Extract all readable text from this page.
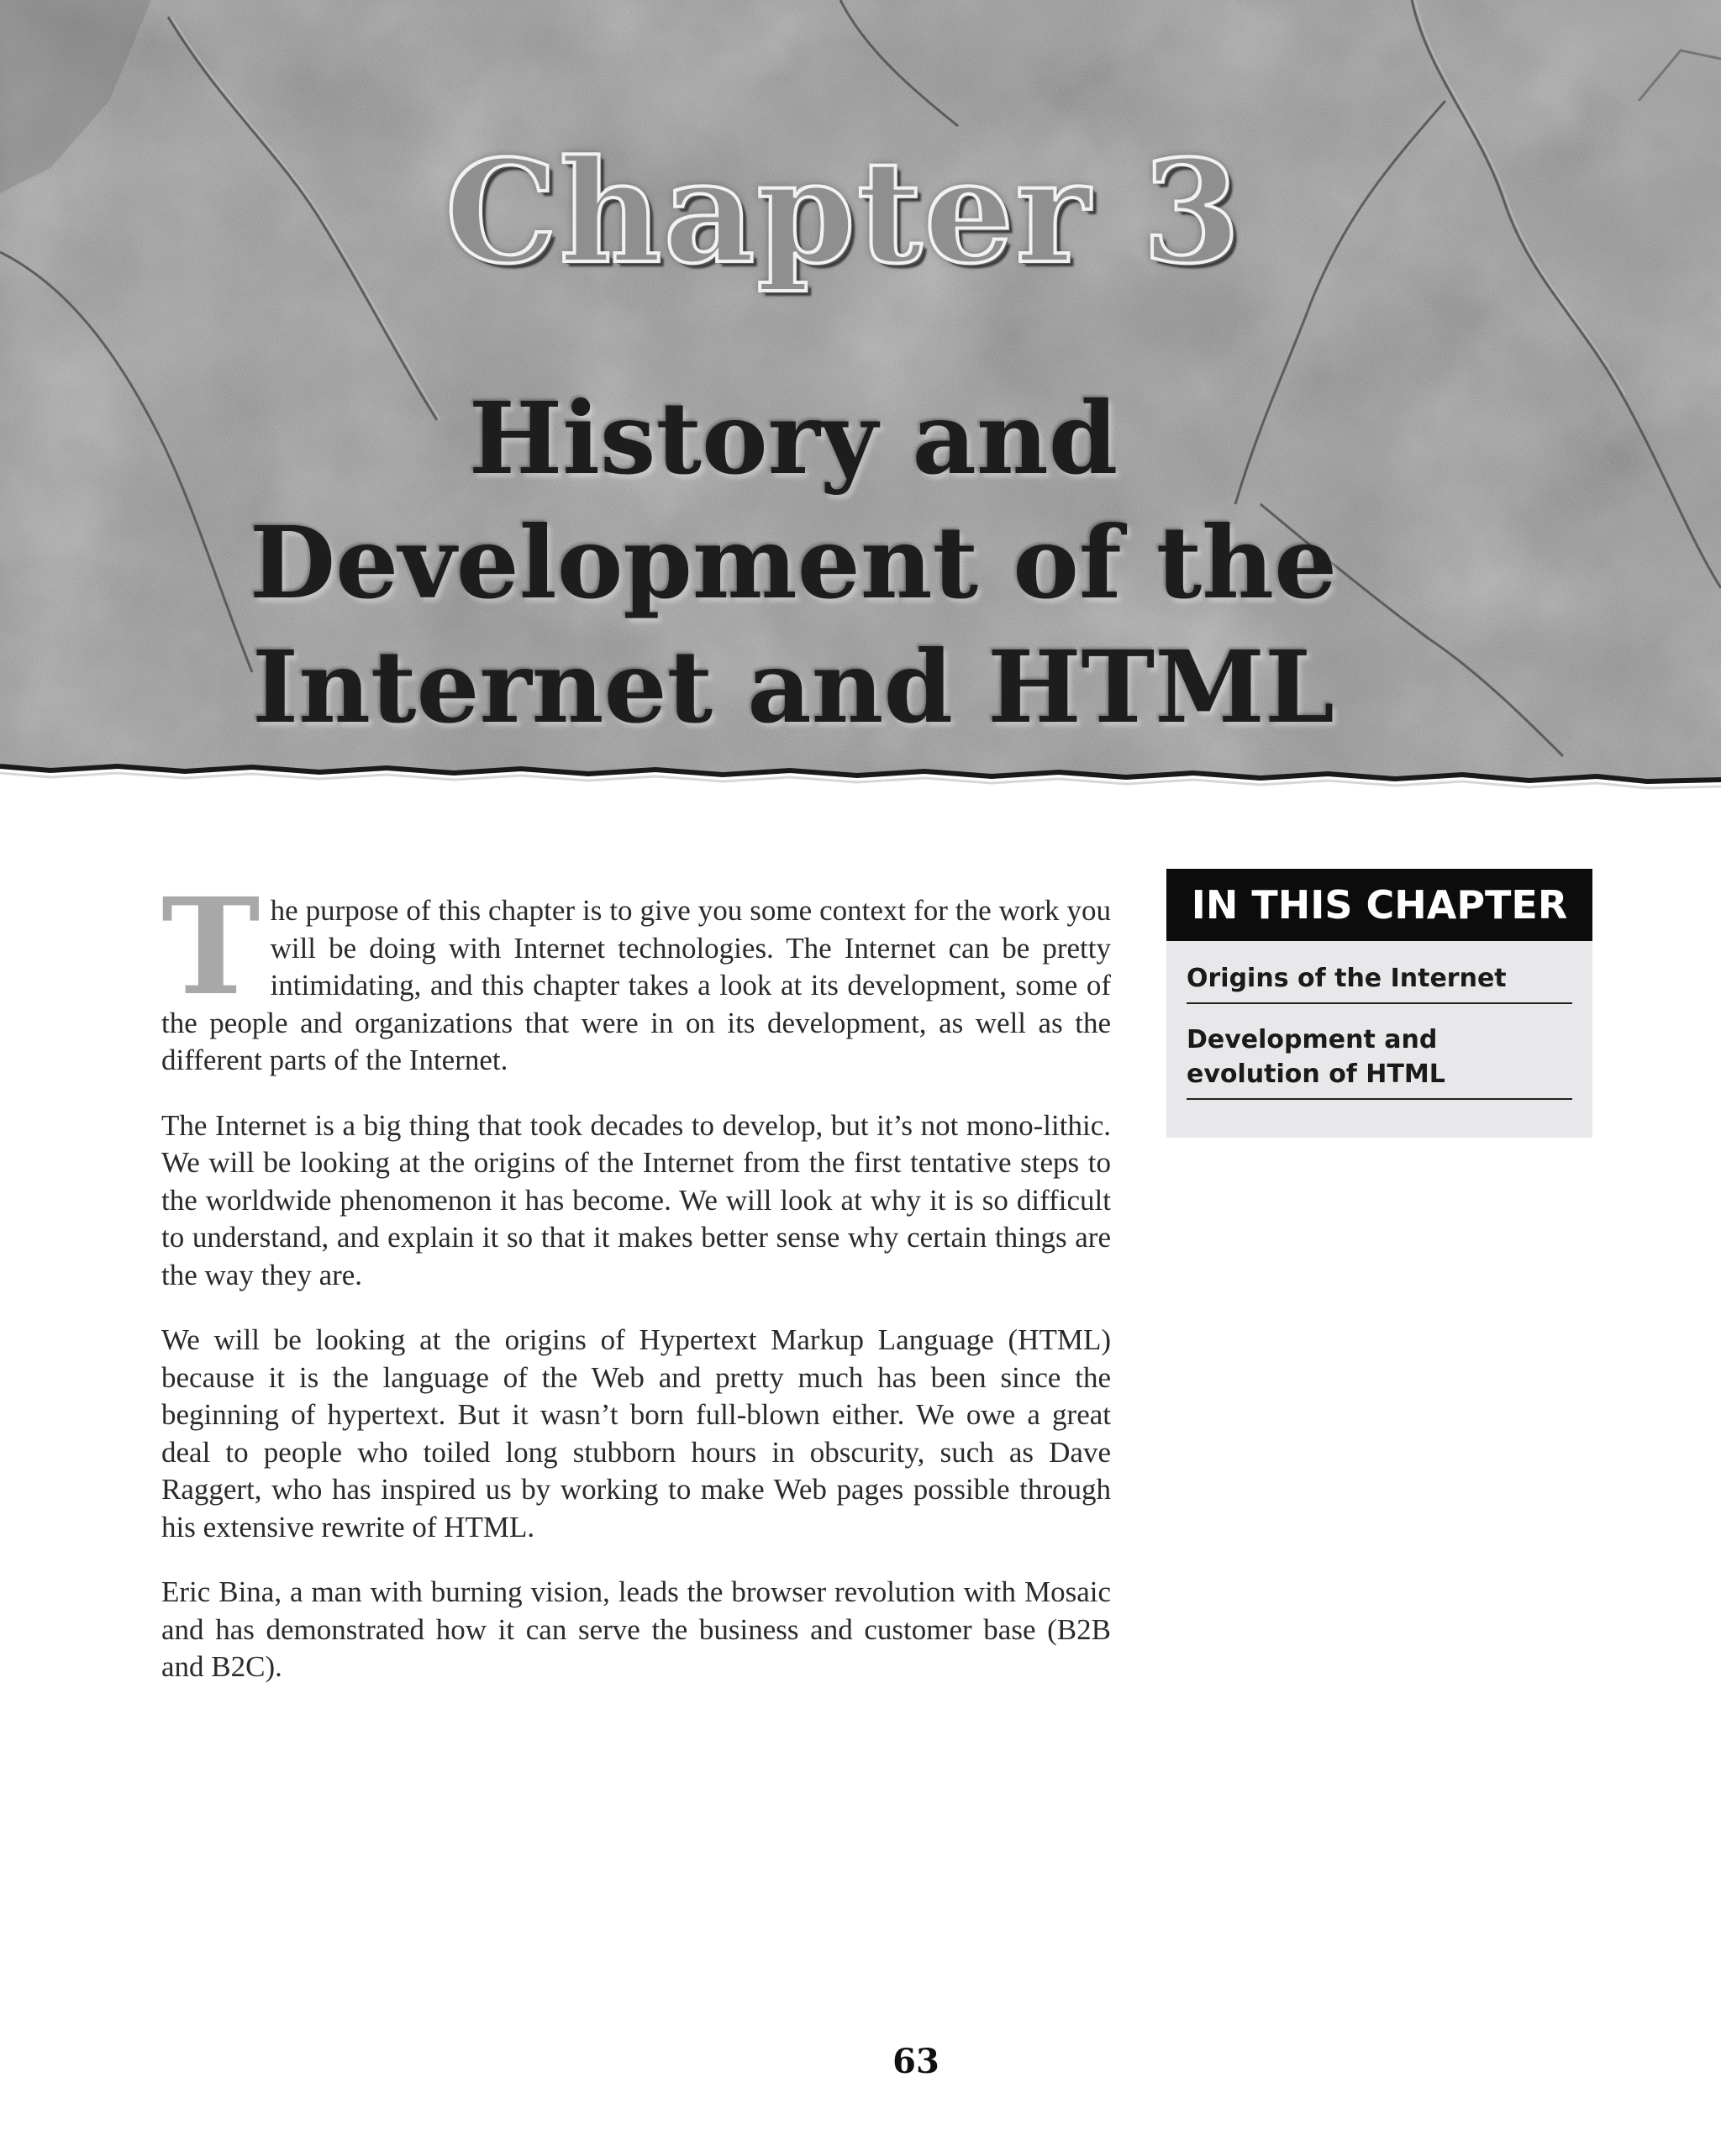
Chapter 3
History and
Development of the
Internet and HTML

The purpose of this chapter is to give you some context for the work you will be doing with Internet technologies. The Internet can be pretty intimidating, and this chapter takes a look at its development, some of the people and organizations that were in on its development, as well as the different parts of the Internet.

The Internet is a big thing that took decades to develop, but it’s not mono-lithic. We will be looking at the origins of the Internet from the first tentative steps to the worldwide phenomenon it has become. We will look at why it is so difficult to understand, and explain it so that it makes better sense why certain things are the way they are.

We will be looking at the origins of Hypertext Markup Language (HTML) because it is the language of the Web and pretty much has been since the beginning of hypertext. But it wasn’t born full-blown either. We owe a great deal to people who toiled long stubborn hours in obscurity, such as Dave Raggert, who has inspired us by working to make Web pages possible through his extensive rewrite of HTML.

Eric Bina, a man with burning vision, leads the browser revolution with Mosaic and has demonstrated how it can serve the business and customer base (B2B and B2C).

IN THIS CHAPTER
Origins of the Internet
Development and evolution of HTML
63
